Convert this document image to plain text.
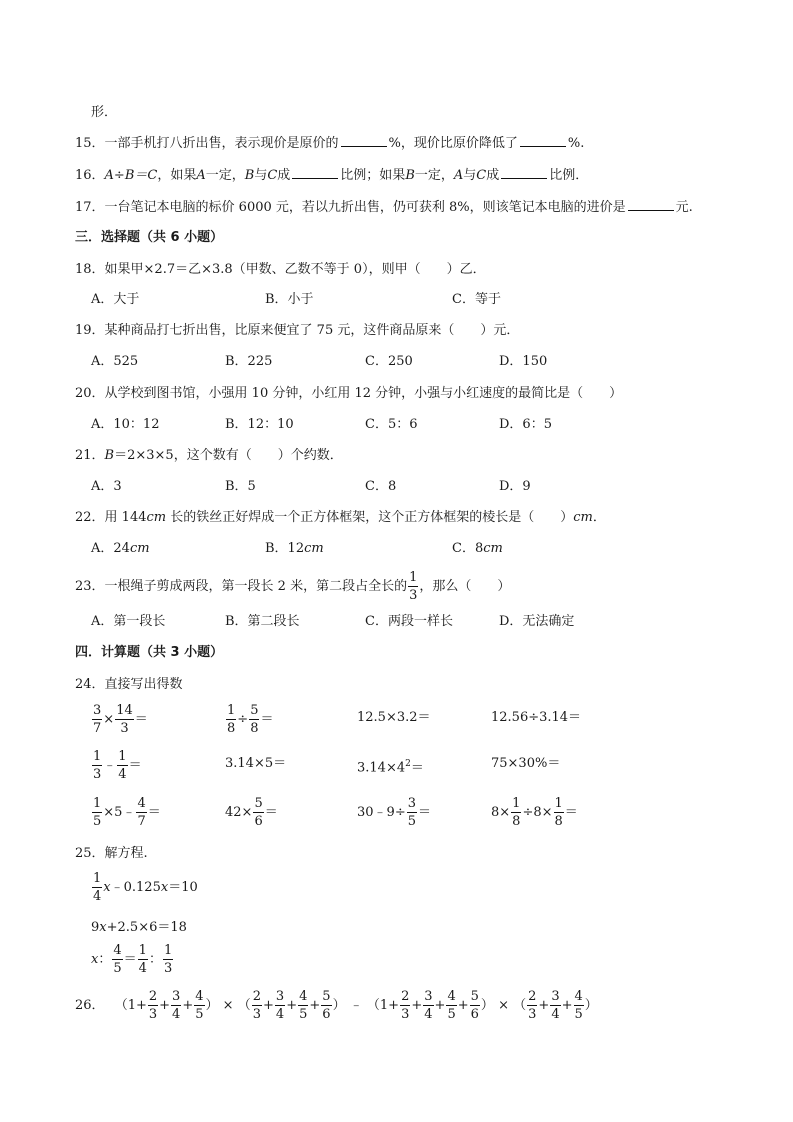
形．
15．一部手机打八折出售，表示现价是原价的	%，现价比原价降低了	%.
16．A÷B＝C，如果A一定，B与C成	比例；如果B一定，A与C成	比例．
17．一台笔记本电脑的标价 6000 元，若以九折出售，仍可获利 8%，则该笔记本电脑的进价是	元.
三．选择题（共 6 小题）
18．如果甲×2.7＝乙×3.8（甲数、乙数不等于 0），则甲（　　）乙．
A．大于	B．小于	C．等于
19．某种商品打七折出售，比原来便宜了 75 元，这件商品原来（　　）元．
A．525	B．225	C．250	D．150
20．从学校到图书馆，小强用 10 分钟，小红用 12 分钟，小强与小红速度的最简比是（　　）
A．10：12	B．12：10	C．5：6	D．6：5
21．B＝2×3×5，这个数有（　　）个约数．
A．3	B．5	C．8	D．9
22．用 144cm 长的铁丝正好焊成一个正方体框架，这个正方体框架的棱长是（　　）cm．
A．24cm	B．12cm	C．8cm
23．一根绳子剪成两段，第一段长 2 米，第二段占全长的 $\frac{1}{3}$ ，那么（　　）
A．第一段长	B．第二段长	C．两段一样长	D．无法确定
四．计算题（共 3 小题）
24．直接写出得数
$\frac{3}{7} \times \frac{14}{3}$ ＝	$\frac{1}{8} \div \frac{5}{8}$ ＝	12.5×3.2＝	12.56÷3.14＝
$\frac{1}{3}$ ﹣ $\frac{1}{4}$ ＝	3.14×5＝	$3.14\times 4^2=$	75×30%＝
$\frac{1}{5}$ ×5﹣ $\frac{4}{7}$ ＝	$42\times \frac{5}{6}$ ＝	30﹣9÷ $\frac{3}{5}$ ＝	$8\times \frac{1}{8} \div 8\times \frac{1}{8}$ ＝
25．解方程.
$\frac{1}{4}$ x﹣0.125x＝10
9x+2.5×6＝18
x： $\frac{4}{5} = \frac{1}{4}$ ： $\frac{1}{3}$
26． （$1+ \frac{2}{3} + \frac{3}{4} + \frac{4}{5}$ ） × （ $\frac{2}{3} + \frac{3}{4} + \frac{4}{5} + \frac{5}{6}$ ） ﹣ （$1+ \frac{2}{3} + \frac{3}{4} + \frac{4}{5} + \frac{5}{6}$ ） × （ $\frac{2}{3} + \frac{3}{4} + \frac{4}{5}$ ）
